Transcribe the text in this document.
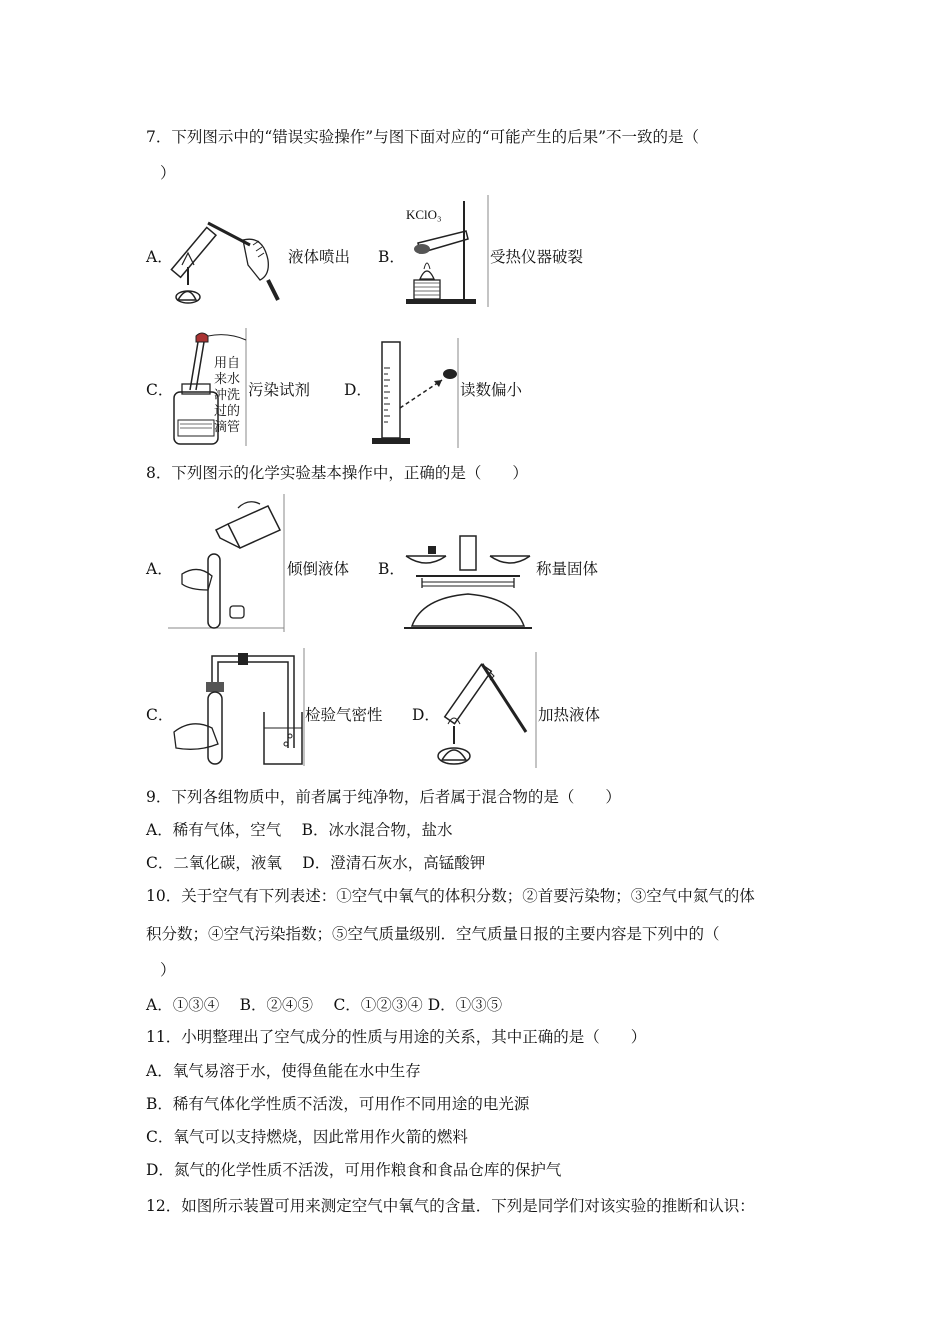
7．下列图示中的“错误实验操作”与图下面对应的“可能产生的后果”不一致的是（
）
A．	液体喷出 B．
KClO₃
受热仪器破裂
C．
用自
来水
冲洗
过的
滴管
污染试剂 D．	读数偏小
8．下列图示的化学实验基本操作中，正确的是（　　）
A．	倾倒液体 B．	称量固体
C．	检验气密性 D．	加热液体
9．下列各组物质中，前者属于纯净物，后者属于混合物的是（　　）
A．稀有气体，空气　 B．冰水混合物，盐水
C．二氧化碳，液氧　 D．澄清石灰水，高锰酸钾
10．关于空气有下列表述：①空气中氧气的体积分数；②首要污染物；③空气中氮气的体
积分数；④空气污染指数；⑤空气质量级别．空气质量日报的主要内容是下列中的（
）
A．①③④　 B．②④⑤　 C．①②③④ D．①③⑤
11．小明整理出了空气成分的性质与用途的关系，其中正确的是（　　）
A．氧气易溶于水，使得鱼能在水中生存
B．稀有气体化学性质不活泼，可用作不同用途的电光源
C．氧气可以支持燃烧，因此常用作火箭的燃料
D．氮气的化学性质不活泼，可用作粮食和食品仓库的保护气
12．如图所示装置可用来测定空气中氧气的含量．下列是同学们对该实验的推断和认识：
